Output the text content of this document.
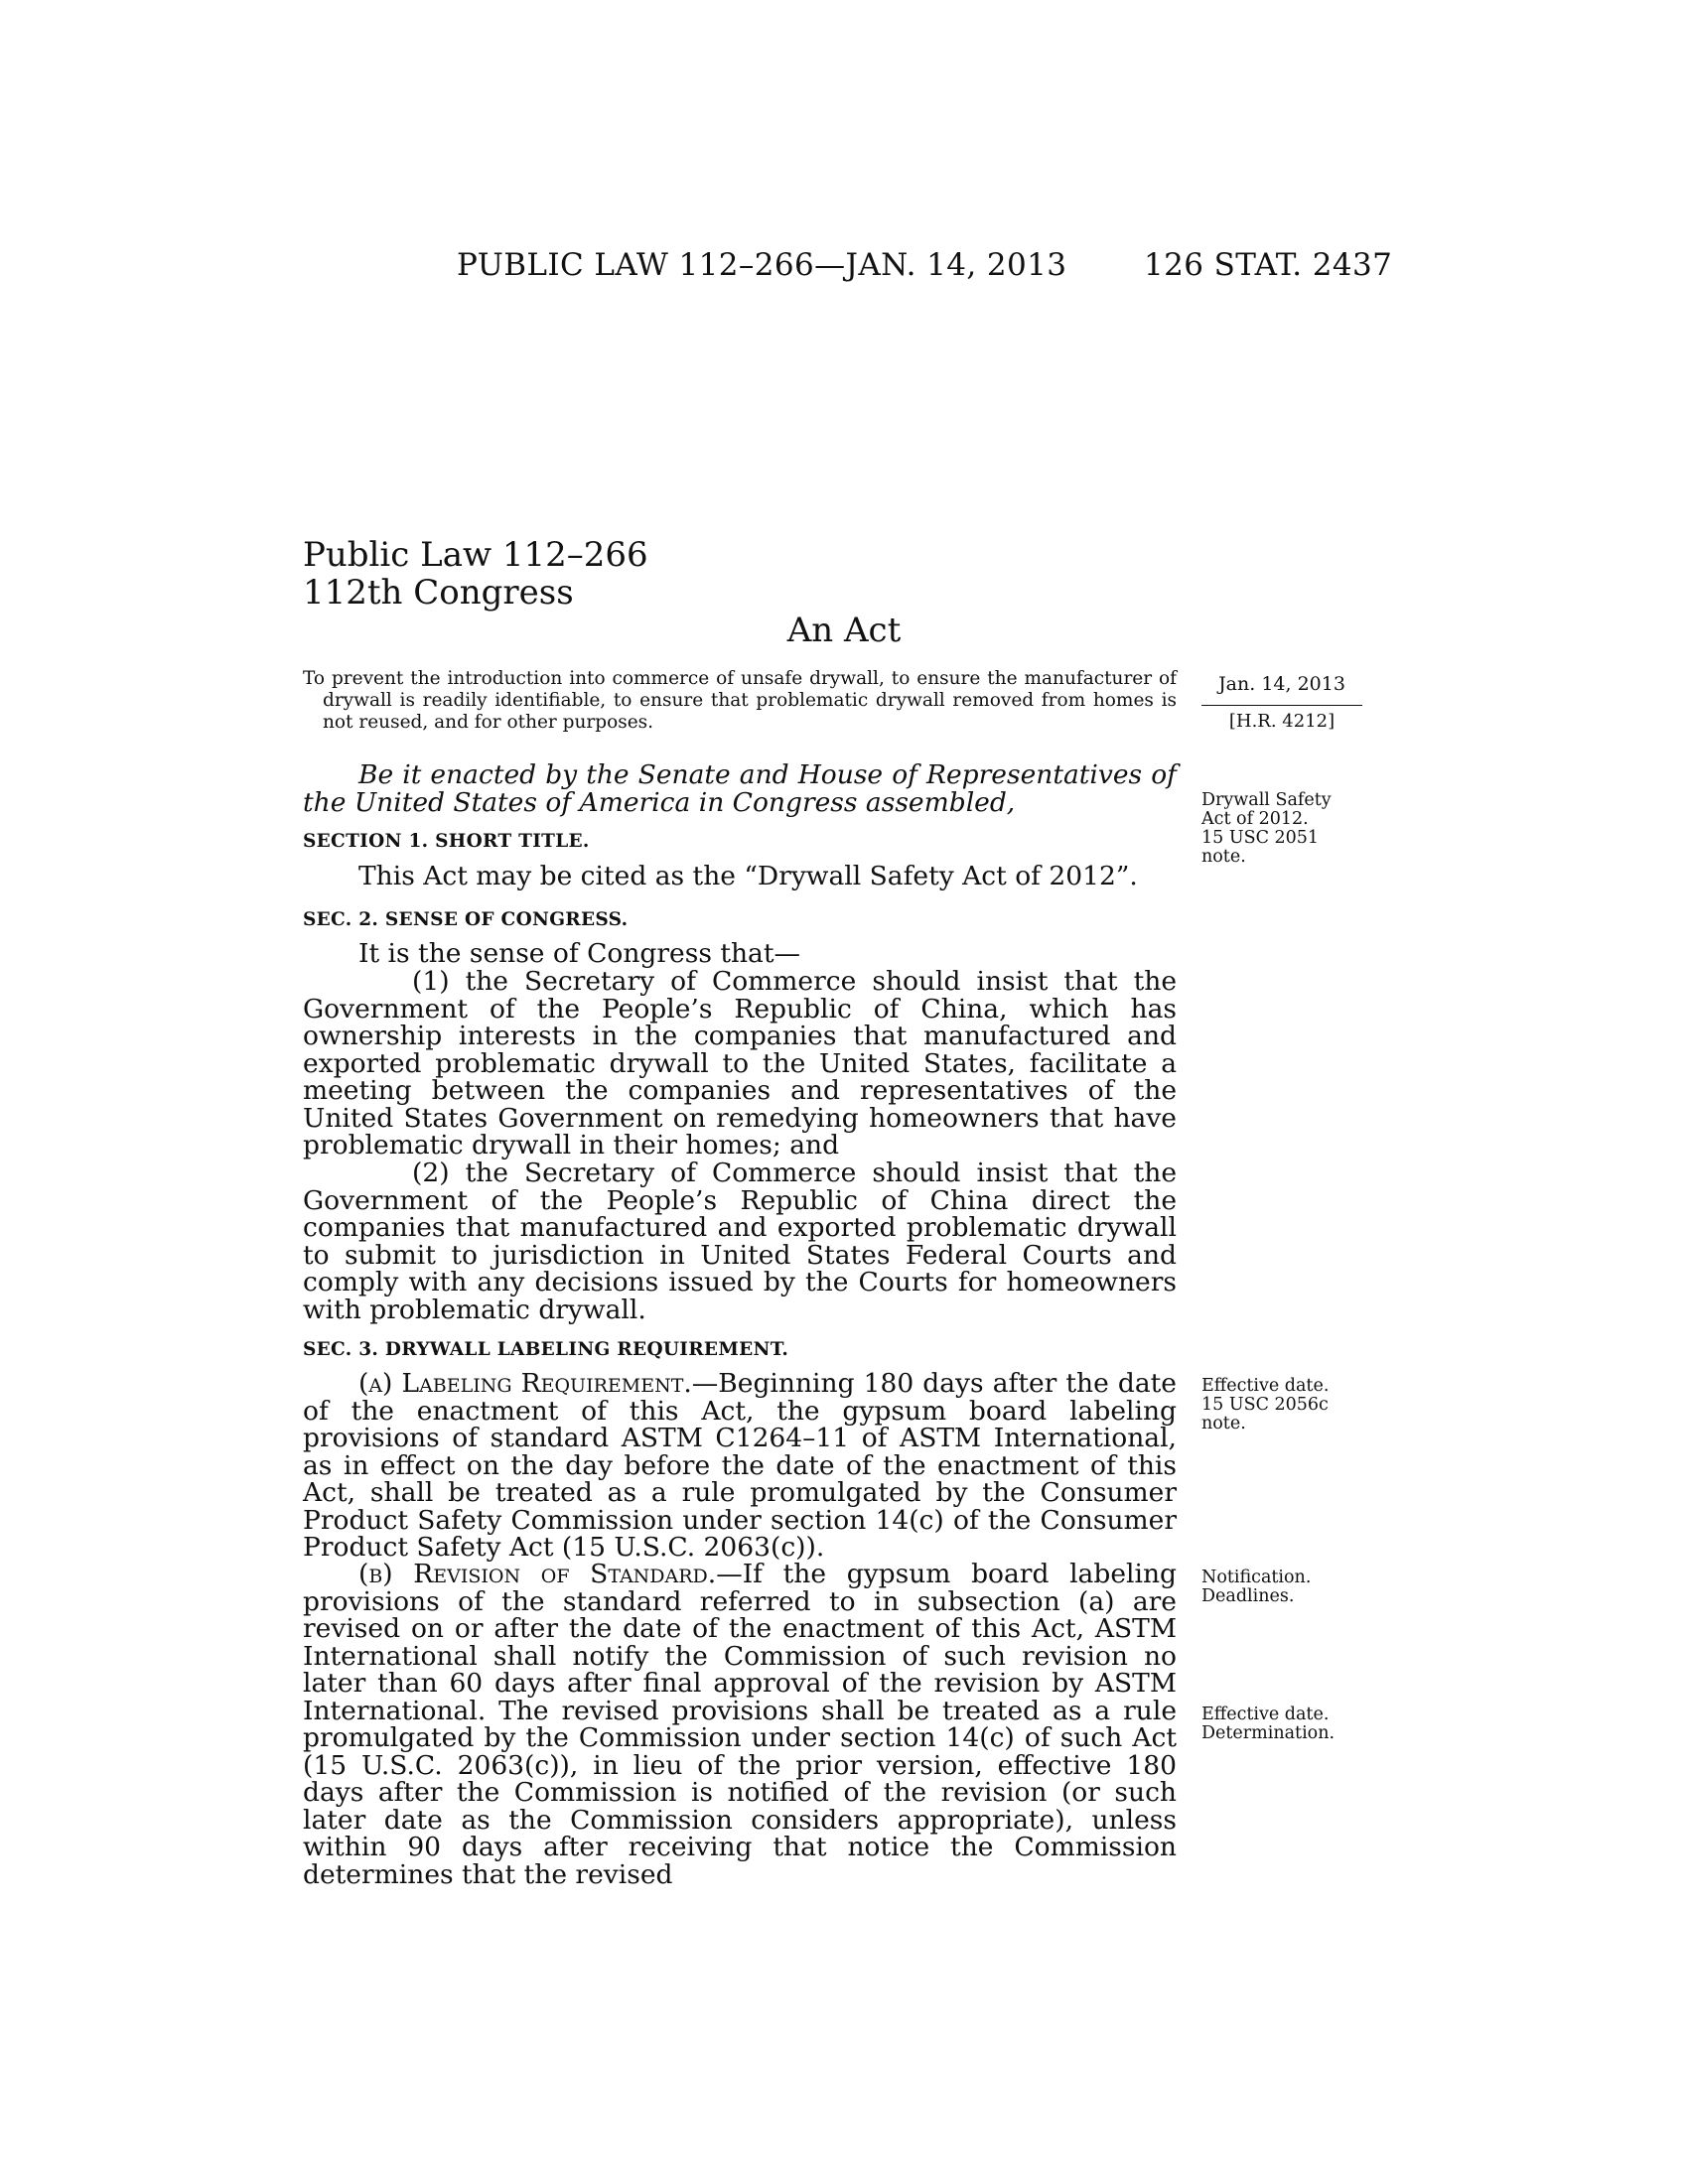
PUBLIC LAW 112–266—JAN. 14, 2013	126 STAT. 2437
Public Law 112–266
112th Congress
An Act
To prevent the introduction into commerce of unsafe drywall, to ensure the manufacturer of drywall is readily identifiable, to ensure that problematic drywall removed from homes is not reused, and for other purposes.
Jan. 14, 2013
[H.R. 4212]

Be it enacted by the Senate and House of Representatives of the United States of America in Congress assembled,	Drywall Safety
Act of 2012.
15 USC 2051
note.
SECTION 1. SHORT TITLE.

This Act may be cited as the “Drywall Safety Act of 2012”.

SEC. 2. SENSE OF CONGRESS.

It is the sense of Congress that—

(1) the Secretary of Commerce should insist that the Government of the People’s Republic of China, which has ownership interests in the companies that manufactured and exported problematic drywall to the United States, facilitate a meeting between the companies and representatives of the United States Government on remedying homeowners that have problematic drywall in their homes; and

(2) the Secretary of Commerce should insist that the Government of the People’s Republic of China direct the companies that manufactured and exported problematic drywall to submit to jurisdiction in United States Federal Courts and comply with any decisions issued by the Courts for homeowners with problematic drywall.

SEC. 3. DRYWALL LABELING REQUIREMENT.

(a) Labeling Requirement.—Beginning 180 days after the date of the enactment of this Act, the gypsum board labeling provisions of standard ASTM C1264–11 of ASTM International, as in effect on the day before the date of the enactment of this Act, shall be treated as a rule promulgated by the Consumer Product Safety Commission under section 14(c) of the Consumer Product Safety Act (15 U.S.C. 2063(c)).

Effective date.
15 USC 2056c
note.

(b) Revision of Standard.—If the gypsum board labeling provisions of the standard referred to in subsection (a) are revised on or after the date of the enactment of this Act, ASTM International shall notify the Commission of such revision no later than 60 days after final approval of the revision by ASTM International. The revised provisions shall be treated as a rule promulgated by the Commission under section 14(c) of such Act (15 U.S.C. 2063(c)), in lieu of the prior version, effective 180 days after the Commission is notified of the revision (or such later date as the Commission considers appropriate), unless within 90 days after receiving that notice the Commission determines that the revised

Notification.
Deadlines.
Effective date.
Determination.
